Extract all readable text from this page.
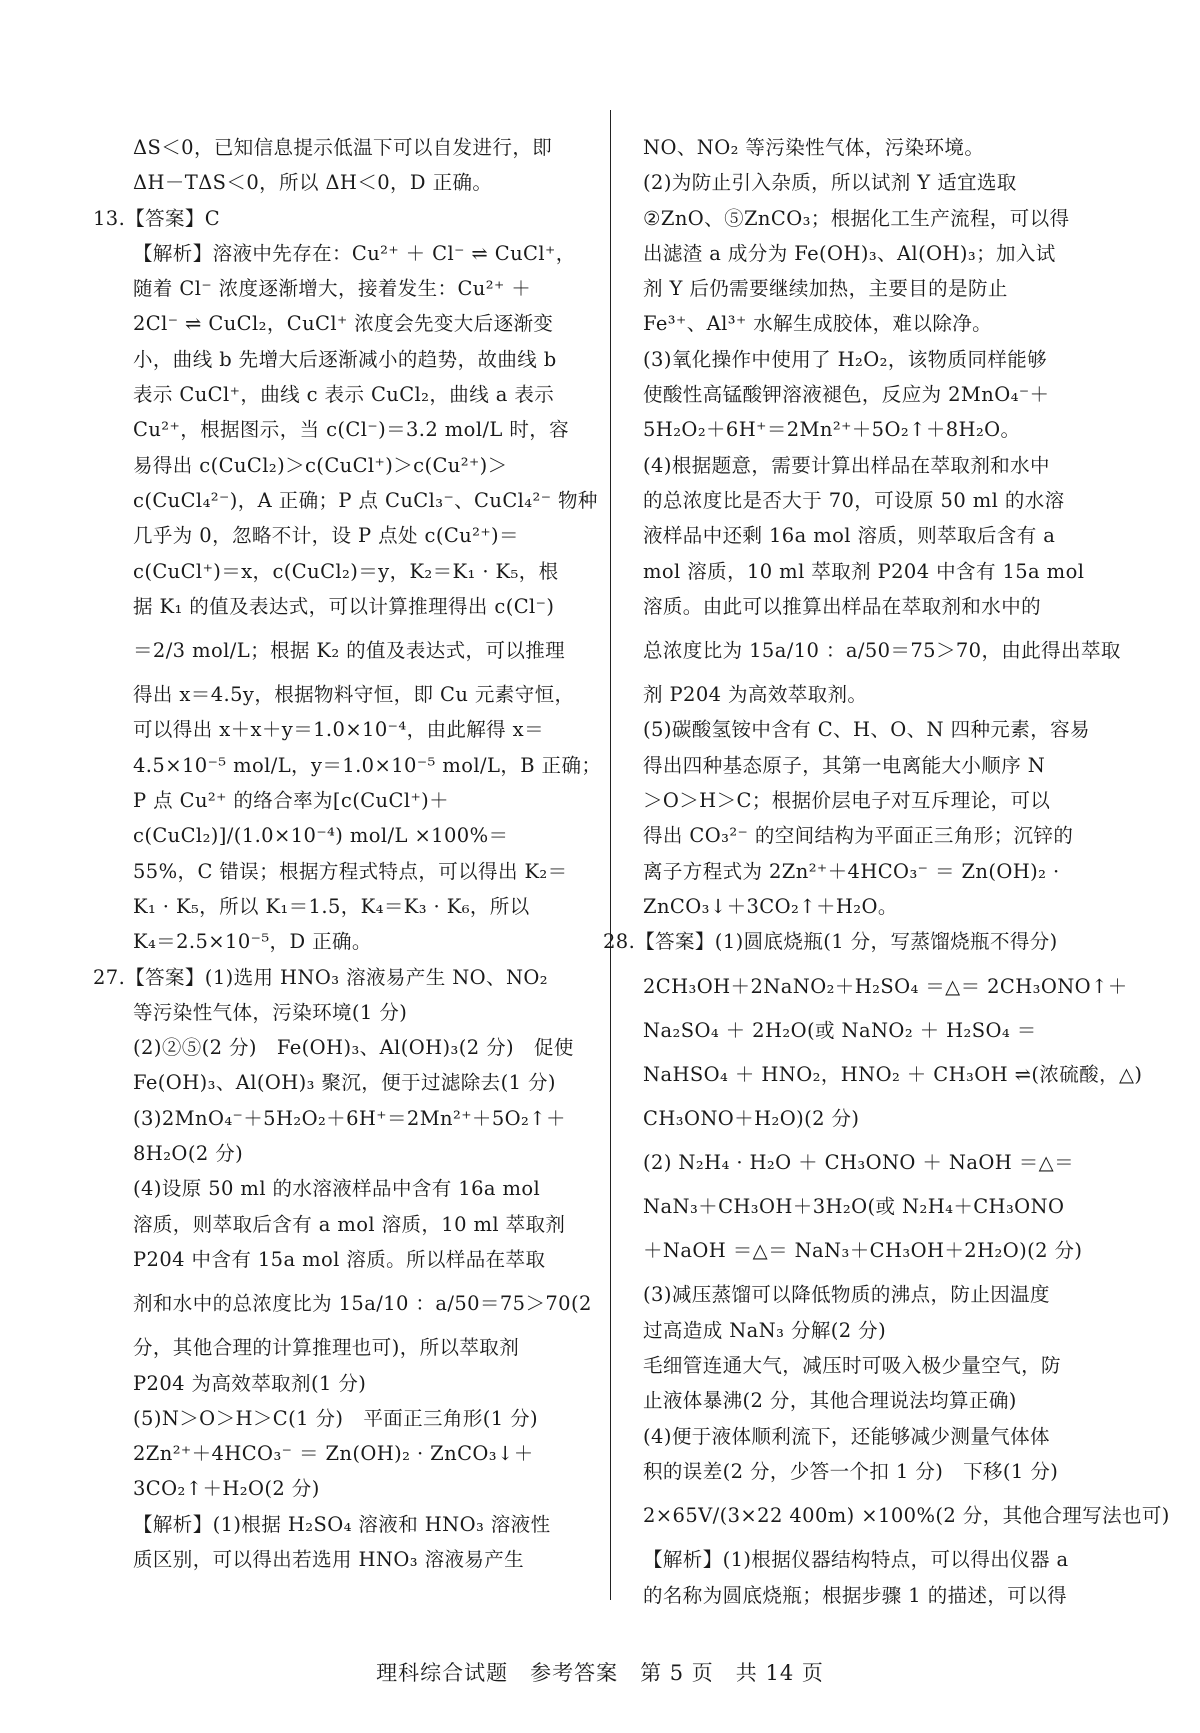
ΔS＜0，已知信息提示低温下可以自发进行，即
ΔH－TΔS＜0，所以 ΔH＜0，D 正确。
13.【答案】C
【解析】溶液中先存在：Cu²⁺ ＋ Cl⁻ ⇌ CuCl⁺，
随着 Cl⁻ 浓度逐渐增大，接着发生：Cu²⁺ ＋
2Cl⁻ ⇌ CuCl₂，CuCl⁺ 浓度会先变大后逐渐变
小，曲线 b 先增大后逐渐减小的趋势，故曲线 b
表示 CuCl⁺，曲线 c 表示 CuCl₂，曲线 a 表示
Cu²⁺，根据图示，当 c(Cl⁻)＝3.2 mol/L 时，容
易得出 c(CuCl₂)＞c(CuCl⁺)＞c(Cu²⁺)＞
c(CuCl₄²⁻)，A 正确；P 点 CuCl₃⁻、CuCl₄²⁻ 物种
几乎为 0，忽略不计，设 P 点处 c(Cu²⁺)＝
c(CuCl⁺)＝x，c(CuCl₂)＝y，K₂＝K₁ · K₅，根
据 K₁ 的值及表达式，可以计算推理得出 c(Cl⁻)
＝2/3 mol/L；根据 K₂ 的值及表达式，可以推理
得出 x＝4.5y，根据物料守恒，即 Cu 元素守恒，
可以得出 x＋x＋y＝1.0×10⁻⁴，由此解得 x＝
4.5×10⁻⁵ mol/L，y＝1.0×10⁻⁵ mol/L，B 正确；
P 点 Cu²⁺ 的络合率为[c(CuCl⁺)＋
c(CuCl₂)]/(1.0×10⁻⁴) mol/L ×100%＝
55%，C 错误；根据方程式特点，可以得出 K₂＝
K₁ · K₅，所以 K₁＝1.5，K₄＝K₃ · K₆，所以
K₄＝2.5×10⁻⁵，D 正确。
27.【答案】(1)选用 HNO₃ 溶液易产生 NO、NO₂
等污染性气体，污染环境(1 分)
(2)②⑤(2 分)　Fe(OH)₃、Al(OH)₃(2 分)　促使
Fe(OH)₃、Al(OH)₃ 聚沉，便于过滤除去(1 分)
(3)2MnO₄⁻＋5H₂O₂＋6H⁺＝2Mn²⁺＋5O₂↑＋
8H₂O(2 分)
(4)设原 50 ml 的水溶液样品中含有 16a mol
溶质，则萃取后含有 a mol 溶质，10 ml 萃取剂
P204 中含有 15a mol 溶质。所以样品在萃取
剂和水中的总浓度比为 15a/10 ：a/50＝75＞70(2
分，其他合理的计算推理也可)，所以萃取剂
P204 为高效萃取剂(1 分)
(5)N＞O＞H＞C(1 分)　平面正三角形(1 分)
2Zn²⁺＋4HCO₃⁻ ＝ Zn(OH)₂ · ZnCO₃↓＋
3CO₂↑＋H₂O(2 分)
【解析】(1)根据 H₂SO₄ 溶液和 HNO₃ 溶液性
质区别，可以得出若选用 HNO₃ 溶液易产生
NO、NO₂ 等污染性气体，污染环境。
(2)为防止引入杂质，所以试剂 Y 适宜选取
②ZnO、⑤ZnCO₃；根据化工生产流程，可以得
出滤渣 a 成分为 Fe(OH)₃、Al(OH)₃；加入试
剂 Y 后仍需要继续加热，主要目的是防止
Fe³⁺、Al³⁺ 水解生成胶体，难以除净。
(3)氧化操作中使用了 H₂O₂，该物质同样能够
使酸性高锰酸钾溶液褪色，反应为 2MnO₄⁻＋
5H₂O₂＋6H⁺＝2Mn²⁺＋5O₂↑＋8H₂O。
(4)根据题意，需要计算出样品在萃取剂和水中
的总浓度比是否大于 70，可设原 50 ml 的水溶
液样品中还剩 16a mol 溶质，则萃取后含有 a
mol 溶质，10 ml 萃取剂 P204 中含有 15a mol
溶质。由此可以推算出样品在萃取剂和水中的
总浓度比为 15a/10 ：a/50＝75＞70，由此得出萃取
剂 P204 为高效萃取剂。
(5)碳酸氢铵中含有 C、H、O、N 四种元素，容易
得出四种基态原子，其第一电离能大小顺序 N
＞O＞H＞C；根据价层电子对互斥理论，可以
得出 CO₃²⁻ 的空间结构为平面正三角形；沉锌的
离子方程式为 2Zn²⁺＋4HCO₃⁻ ＝ Zn(OH)₂ ·
ZnCO₃↓＋3CO₂↑＋H₂O。
28.【答案】(1)圆底烧瓶(1 分，写蒸馏烧瓶不得分)
2CH₃OH＋2NaNO₂＋H₂SO₄ ＝△＝ 2CH₃ONO↑＋
Na₂SO₄ ＋ 2H₂O(或 NaNO₂ ＋ H₂SO₄ ＝
NaHSO₄ ＋ HNO₂，HNO₂ ＋ CH₃OH ⇌(浓硫酸，△)
CH₃ONO＋H₂O)(2 分)
(2) N₂H₄ · H₂O ＋ CH₃ONO ＋ NaOH ＝△＝
NaN₃＋CH₃OH＋3H₂O(或 N₂H₄＋CH₃ONO
＋NaOH ＝△＝ NaN₃＋CH₃OH＋2H₂O)(2 分)
(3)减压蒸馏可以降低物质的沸点，防止因温度
过高造成 NaN₃ 分解(2 分)
毛细管连通大气，减压时可吸入极少量空气，防
止液体暴沸(2 分，其他合理说法均算正确)
(4)便于液体顺利流下，还能够减少测量气体体
积的误差(2 分，少答一个扣 1 分)　下移(1 分)
2×65V/(3×22 400m) ×100%(2 分，其他合理写法也可)
【解析】(1)根据仪器结构特点，可以得出仪器 a
的名称为圆底烧瓶；根据步骤 1 的描述，可以得
理科综合试题　参考答案　第 5 页　共 14 页
